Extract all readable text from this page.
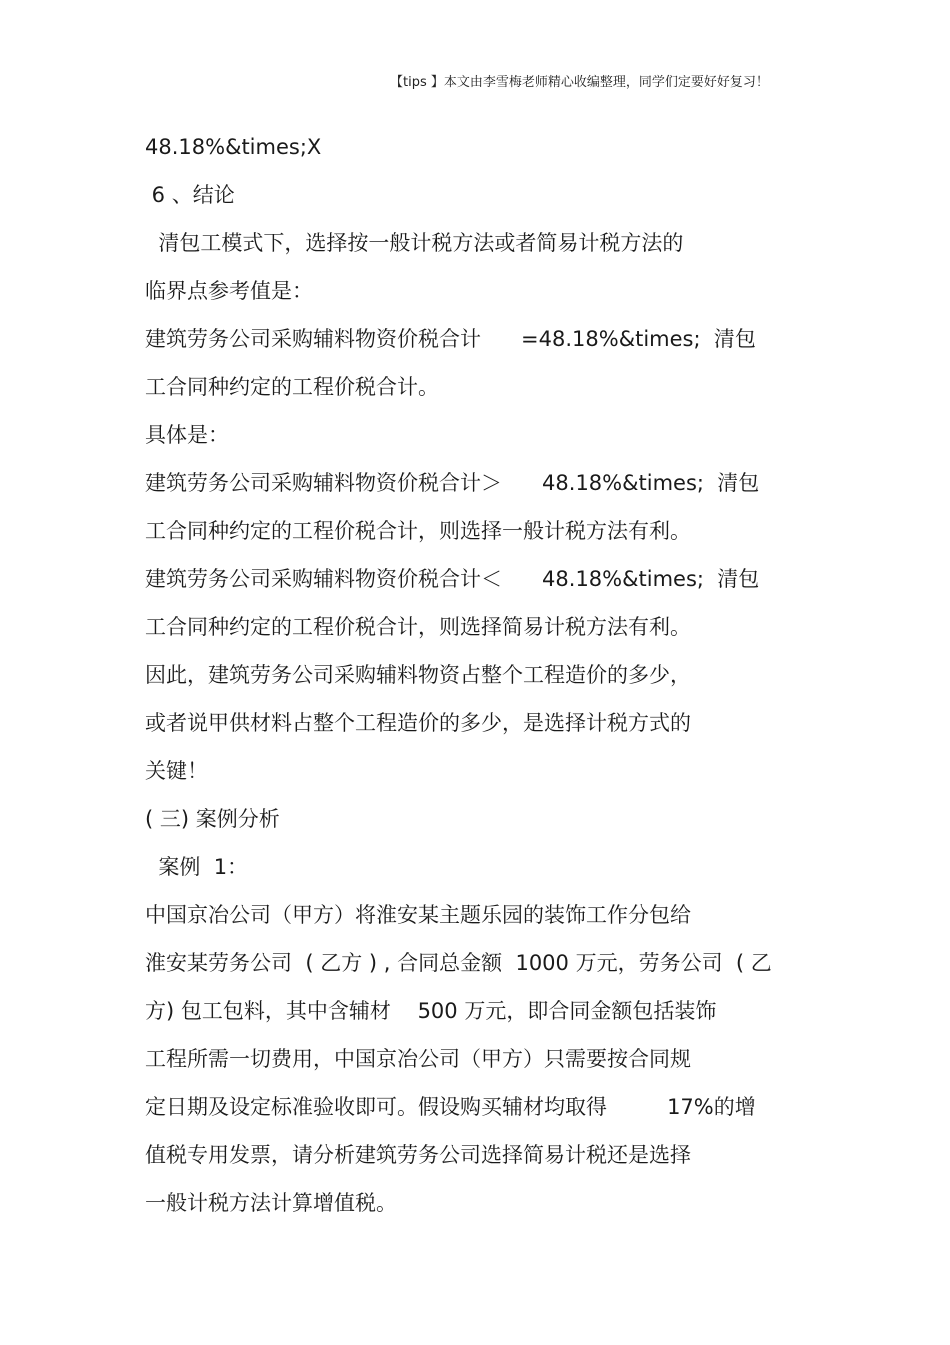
【tips 】本文由李雪梅老师精心收编整理，同学们定要好好复习！
48.18%&times;X
6 、结论
清包工模式下，选择按一般计税方法或者简易计税方法的
临界点参考值是：
建筑劳务公司采购辅料物资价税合计      =48.18%&times;  清包
工合同种约定的工程价税合计。
具体是：
建筑劳务公司采购辅料物资价税合计＞      48.18%&times;  清包
工合同种约定的工程价税合计，则选择一般计税方法有利。
建筑劳务公司采购辅料物资价税合计＜      48.18%&times;  清包
工合同种约定的工程价税合计，则选择简易计税方法有利。
因此，建筑劳务公司采购辅料物资占整个工程造价的多少，
或者说甲供材料占整个工程造价的多少，是选择计税方式的
关键！
( 三) 案例分析
案例  1：
中国京冶公司（甲方）将淮安某主题乐园的装饰工作分包给
淮安某劳务公司  ( 乙方 ) , 合同总金额  1000 万元，劳务公司  ( 乙
方) 包工包料，其中含辅材    500 万元，即合同金额包括装饰
工程所需一切费用，中国京冶公司（甲方）只需要按合同规
定日期及设定标准验收即可。假设购买辅材均取得         17%的增
值税专用发票，请分析建筑劳务公司选择简易计税还是选择
一般计税方法计算增值税。
